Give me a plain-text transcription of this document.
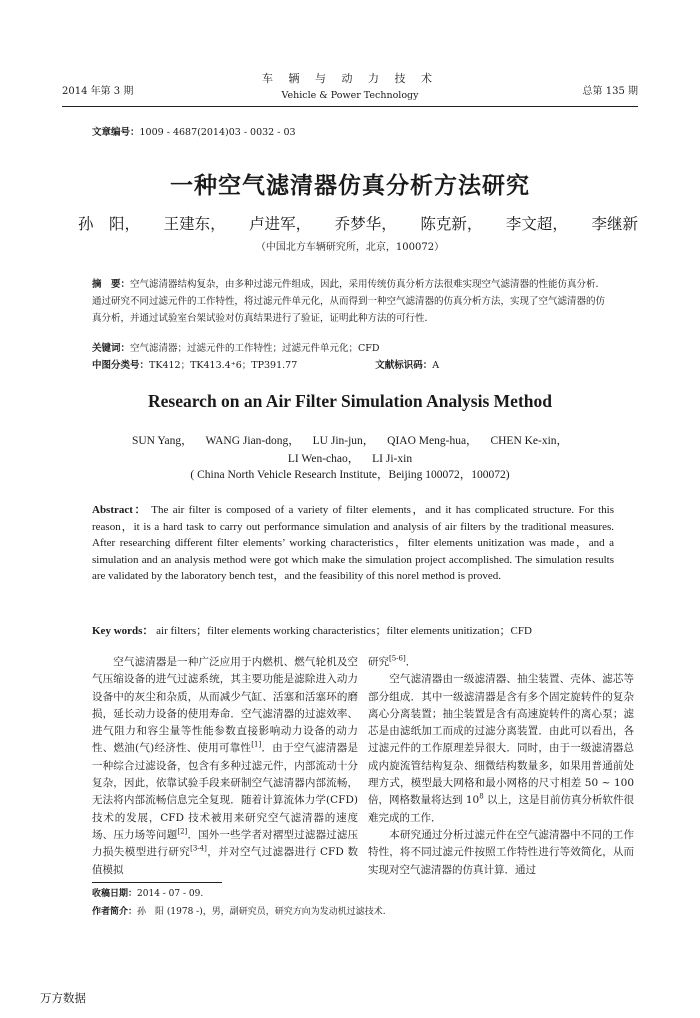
2014 年第 3 期
车 辆 与 动 力 技 术
Vehicle & Power Technology	总第 135 期
文章编号：1009 - 4687(2014)03 - 0032 - 03
一种空气滤清器仿真分析方法研究
孙　阳， 王建东， 卢进军， 乔梦华， 陈克新， 李文超， 李继新
（中国北方车辆研究所，北京，100072）
摘　要：空气滤清器结构复杂，由多种过滤元件组成，因此，采用传统仿真分析方法很难实现空气滤清器的性能仿真分析．通过研究不同过滤元件的工作特性，将过滤元件单元化，从而得到一种空气滤清器的仿真分析方法，实现了空气滤清器的仿真分析，并通过试验室台架试验对仿真结果进行了验证，证明此种方法的可行性．
关键词：空气滤清器；过滤元件的工作特性；过滤元件单元化；CFD
中图分类号：TK412；TK413.4⁺6；TP391.77	文献标识码：A
Research on an Air Filter Simulation Analysis Method
SUN Yang， WANG Jian-dong， LU Jin-jun， QIAO Meng-hua， CHEN Ke-xin，
LI Wen-chao， LI Ji-xin
( China North Vehicle Research Institute，Beijing 100072，100072)
Abstract： The air filter is composed of a variety of filter elements，and it has complicated structure. For this reason，it is a hard task to carry out performance simulation and analysis of air filters by the traditional measures. After researching different filter elements’ working characteristics，filter elements unitization was made，and a simulation and an analysis method were got which make the simulation project accomplished. The simulation results are validated by the laboratory bench test，and the feasibility of this norel method is proved.
Key words： air filters；filter elements working characteristics；filter elements unitization；CFD

　　空气滤清器是一种广泛应用于内燃机、燃气轮机及空气压缩设备的进气过滤系统，其主要功能是滤除进入动力设备中的灰尘和杂质，从而减少气缸、活塞和活塞环的磨损，延长动力设备的使用寿命．空气滤清器的过滤效率、进气阻力和容尘量等性能参数直接影响动力设备的动力性、燃油(气)经济性、使用可靠性[1]．由于空气滤清器是一种综合过滤设备，包含有多种过滤元件，内部流动十分复杂，因此，依靠试验手段来研制空气滤清器内部流畅，无法将内部流畅信息完全复现．随着计算流体力学(CFD)技术的发展，CFD 技术被用来研究空气滤清器的速度场、压力场等问题[2]．国外一些学者对褶型过滤器过滤压力损失模型进行研究[3-4]，并对空气过滤器进行 CFD 数值模拟

研究[5-6]．

　　空气滤清器由一级滤清器、抽尘装置、壳体、滤芯等部分组成．其中一级滤清器是含有多个固定旋转件的复杂离心分离装置；抽尘装置是含有高速旋转件的离心泵；滤芯是由滤纸加工而成的过滤分离装置．由此可以看出，各过滤元件的工作原理差异很大．同时，由于一级滤清器总成内旋流管结构复杂、细微结构数量多，如果用普通前处理方式，模型最大网格和最小网格的尺寸相差 50 ~ 100 倍，网格数量将达到 $10^8$ 以上，这是目前仿真分析软件很难完成的工作．

　　本研究通过分析过滤元件在空气滤清器中不同的工作特性，将不同过滤元件按照工作特性进行等效简化，从而实现对空气滤清器的仿真计算．通过

收稿日期：2014 - 07 - 09.
作者简介：孙　阳 (1978 -)，男，副研究员，研究方向为发动机过滤技术.
万方数据
